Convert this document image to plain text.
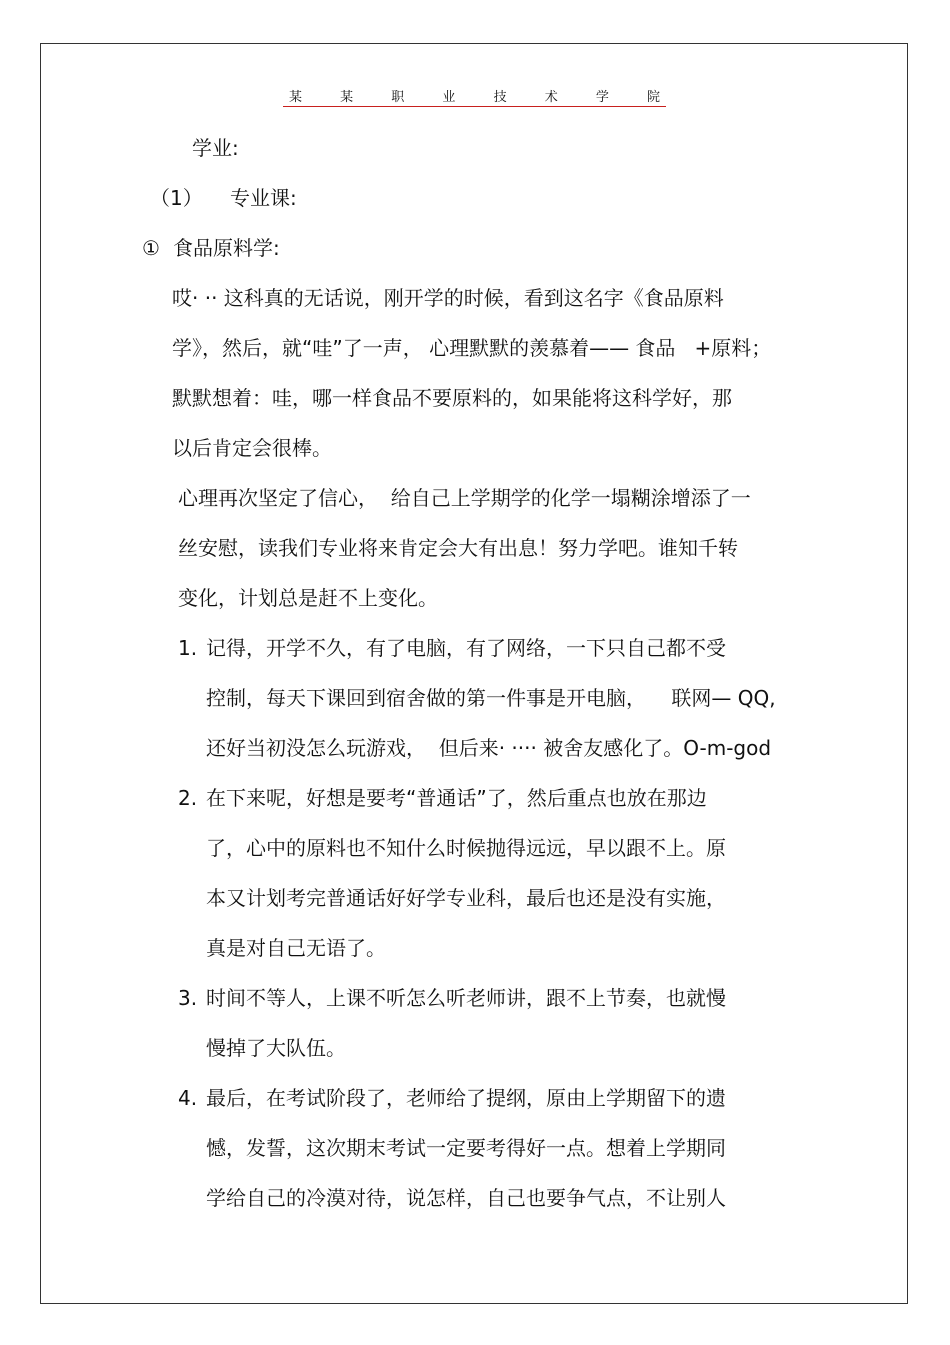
某	某	职	业	技	术	学	院
学业:
（1） 专业课:
① 食品原料学:
哎· ·· 这科真的无话说，刚开学的时候，看到这名字《食品原料
学》，然后，就“哇”了一声， 心理默默的羡慕着—— 食品   +原料；
默默想着：哇，哪一样食品不要原料的，如果能将这科学好，那
以后肯定会很棒。
心理再次坚定了信心，  给自己上学期学的化学一塌糊涂增添了一
丝安慰，读我们专业将来肯定会大有出息！努力学吧。谁知千转
变化，计划总是赶不上变化。
1. 记得，开学不久，有了电脑，有了网络，一下只自己都不受
控制，每天下课回到宿舍做的第一件事是开电脑，    联网— QQ,
还好当初没怎么玩游戏，  但后来· ···· 被舍友感化了。O-m-god
2. 在下来呢，好想是要考“普通话”了，然后重点也放在那边
了，心中的原料也不知什么时候抛得远远，早以跟不上。原
本又计划考完普通话好好学专业科，最后也还是没有实施，
真是对自己无语了。
3. 时间不等人，上课不听怎么听老师讲，跟不上节奏，也就慢
慢掉了大队伍。
4. 最后，在考试阶段了，老师给了提纲，原由上学期留下的遗
憾，发誓，这次期末考试一定要考得好一点。想着上学期同
学给自己的冷漠对待，说怎样，自己也要争气点，不让别人
